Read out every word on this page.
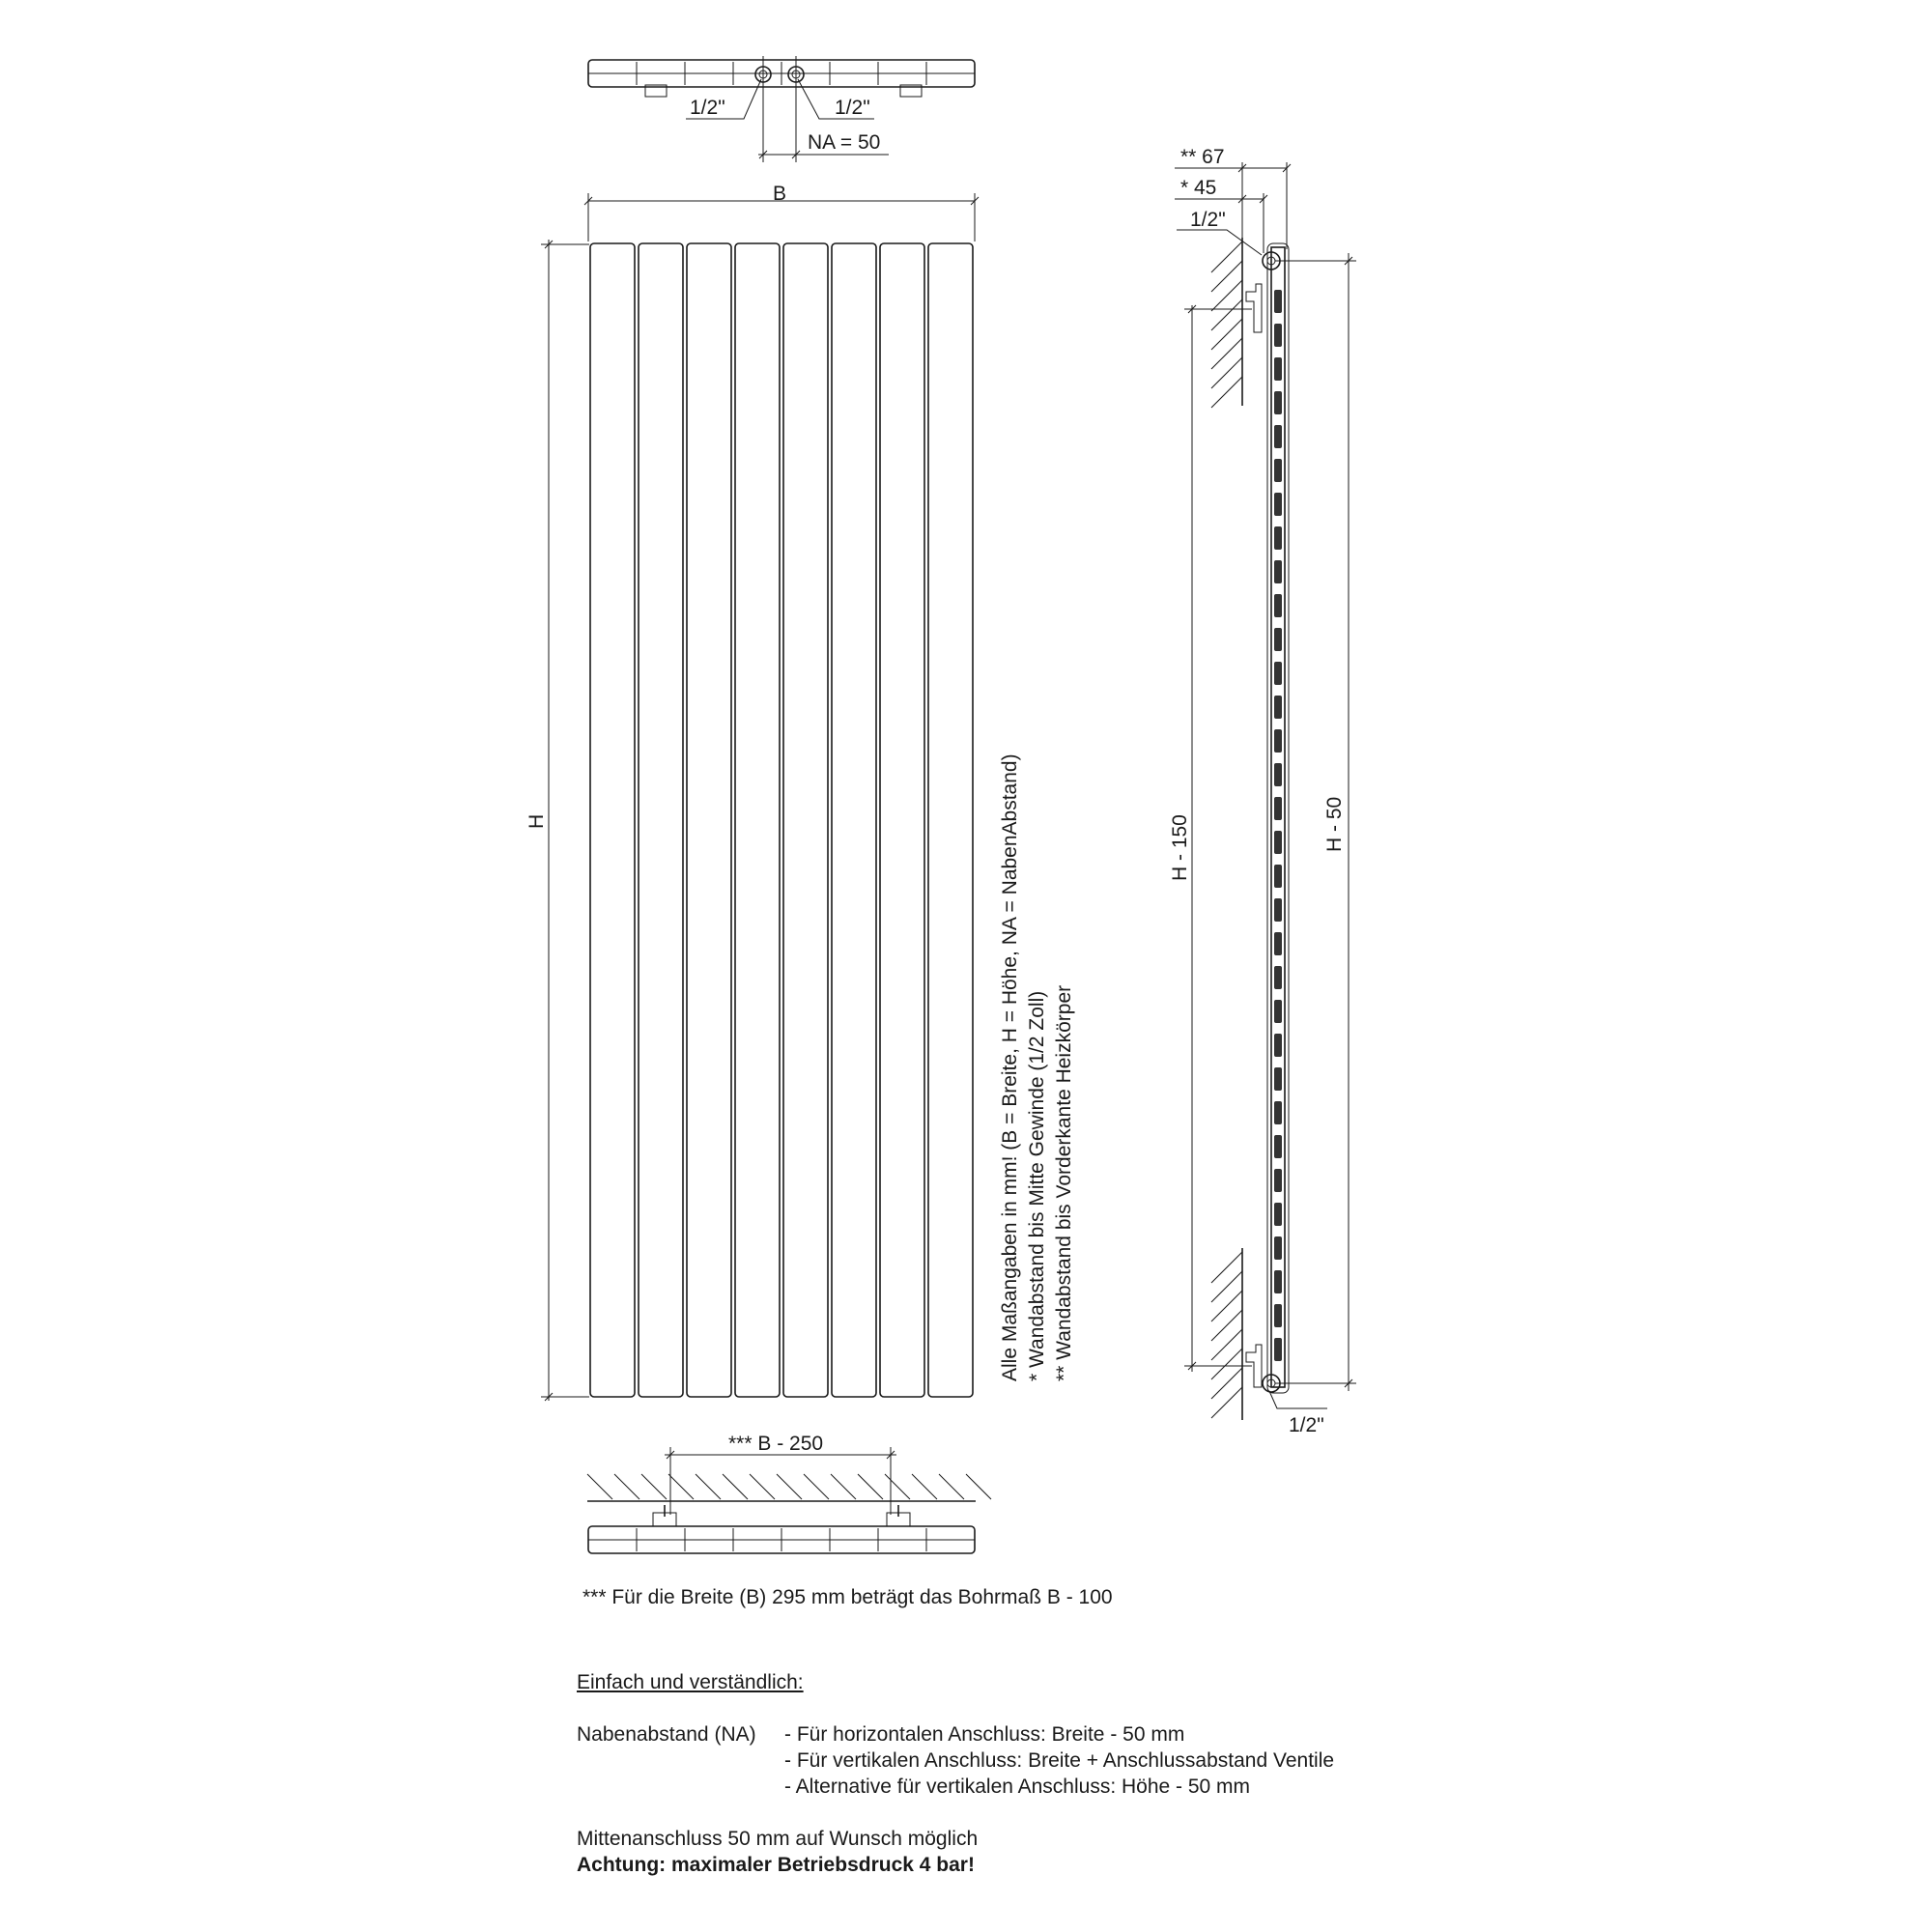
1/2"	1/2"
NA = 50
B
H	Alle Maßangaben in mm! (B = Breite, H = Höhe, NA = NabenAbstand) * Wandabstand bis Mitte Gewinde (1/2 Zoll) ** Wandabstand bis Vorderkante Heizkörper
** 67
* 45
1/2"
H - 150	H - 50
1/2"
*** B - 250
*** Für die Breite (B) 295 mm beträgt das Bohrmaß B - 100
Einfach und verständlich:
Nabenabstand (NA)	- Für horizontalen Anschluss: Breite - 50 mm
- Für vertikalen Anschluss: Breite + Anschlussabstand Ventile
- Alternative für vertikalen Anschluss: Höhe - 50 mm
Mittenanschluss 50 mm auf Wunsch möglich
Achtung: maximaler Betriebsdruck 4 bar!
